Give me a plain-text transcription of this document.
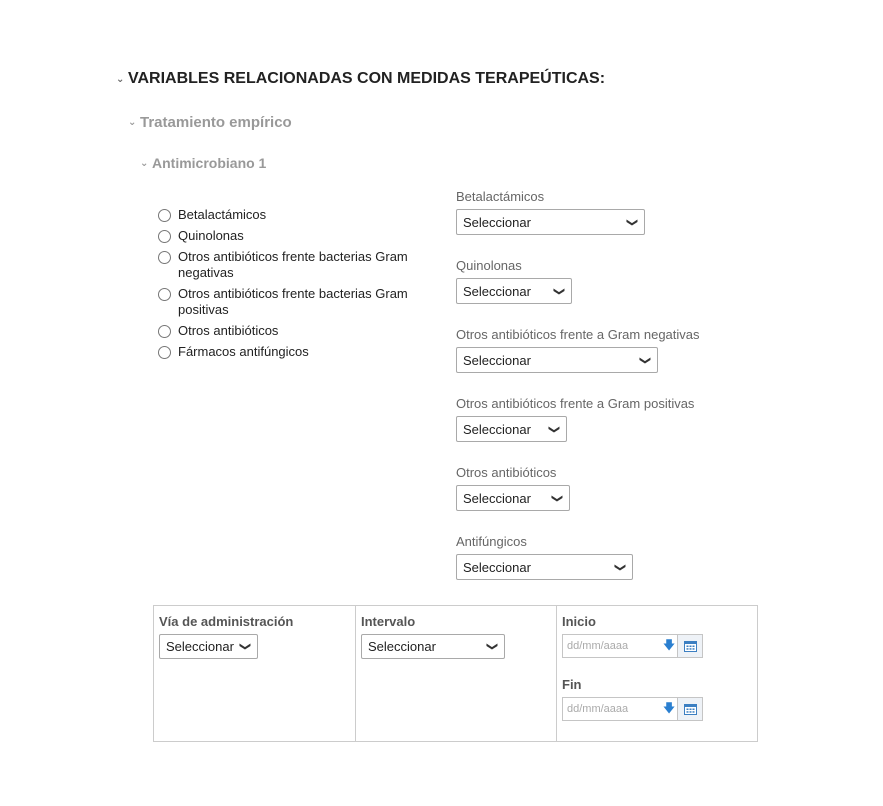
⌄ VARIABLES RELACIONADAS CON MEDIDAS TERAPEÚTICAS:
⌄ Tratamiento empírico
⌄ Antimicrobiano 1
Betalactámicos
Quinolonas
Otros antibióticos frente bacterias Gram negativas
Otros antibióticos frente bacterias Gram positivas
Otros antibióticos
Fármacos antifúngicos
Betalactámicos
Seleccionar	❯
Quinolonas
Seleccionar ❯
Otros antibióticos frente a Gram negativas
Seleccionar	❯
Otros antibióticos frente a Gram positivas
Seleccionar ❯
Otros antibióticos
Seleccionar ❯
Antifúngicos
Seleccionar	❯
Vía de administración
Seleccionar ❯
Intervalo
Seleccionar	❯
Inicio
dd/mm/aaaa	🡇
Fin
dd/mm/aaaa	🡇
